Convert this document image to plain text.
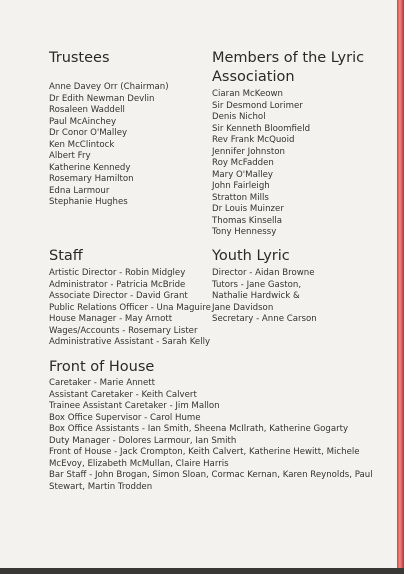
Trustees
Anne Davey Orr (Chairman)
Dr Edith Newman Devlin
Rosaleen Waddell
Paul McAinchey
Dr Conor O'Malley
Ken McClintock
Albert Fry
Katherine Kennedy
Rosemary Hamilton
Edna Larmour
Stephanie Hughes
Members of the Lyric
Association
Ciaran McKeown
Sir Desmond Lorimer
Denis Nichol
Sir Kenneth Bloomfield
Rev Frank McQuoid
Jennifer Johnston
Roy McFadden
Mary O'Malley
John Fairleigh
Stratton Mills
Dr Louis Muinzer
Thomas Kinsella
Tony Hennessy
Staff
Artistic Director - Robin Midgley
Administrator - Patricia McBride
Associate Director - David Grant
Public Relations Officer - Una Maguire
House Manager - May Arnott
Wages/Accounts - Rosemary Lister
Administrative Assistant - Sarah Kelly
Youth Lyric
Director - Aidan Browne
Tutors - Jane Gaston,
Nathalie Hardwick &
Jane Davidson
Secretary - Anne Carson
Front of House
Caretaker - Marie Annett
Assistant Caretaker - Keith Calvert
Trainee Assistant Caretaker - Jim Mallon
Box Office Supervisor - Carol Hume
Box Office Assistants - Ian Smith, Sheena McIlrath, Katherine Gogarty
Duty Manager - Dolores Larmour, Ian Smith
Front of House - Jack Crompton, Keith Calvert, Katherine Hewitt, Michele
McEvoy, Elizabeth McMullan, Claire Harris
Bar Staff - John Brogan, Simon Sloan, Cormac Kernan, Karen Reynolds, Paul
Stewart, Martin Trodden
